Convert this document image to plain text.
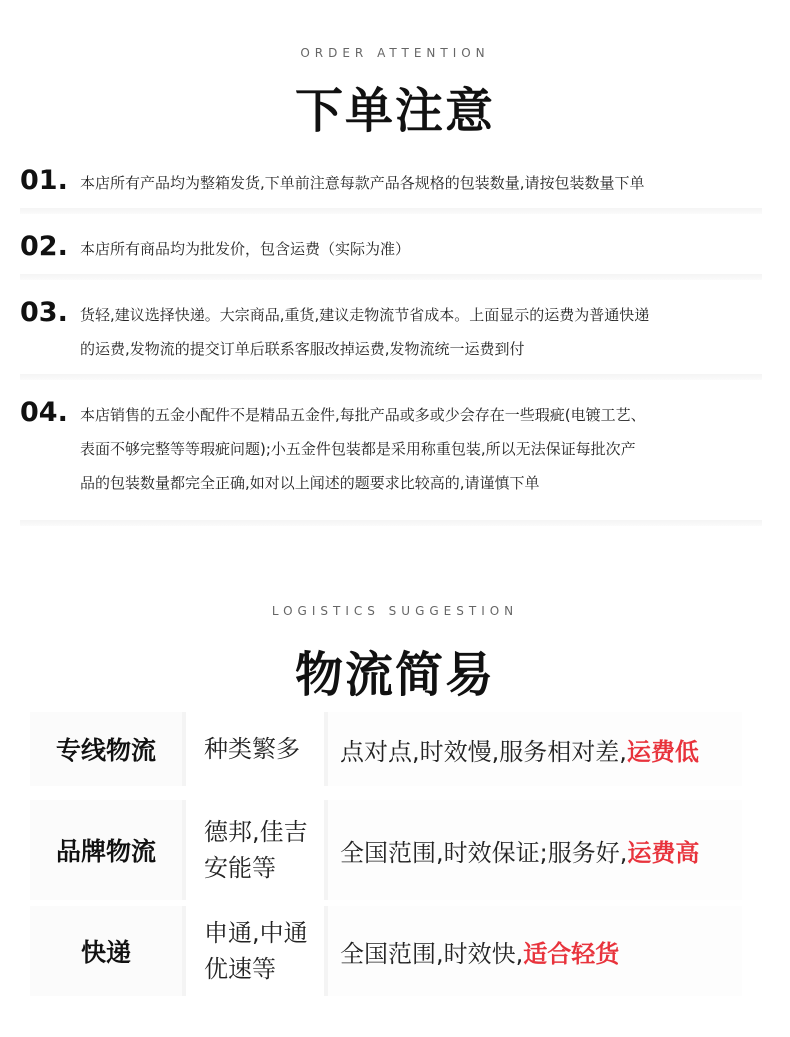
ORDER ATTENTION
下单注意
01. 本店所有产品均为整箱发货,下单前注意每款产品各规格的包装数量,请按包装数量下单
02. 本店所有商品均为批发价，包含运费（实际为准）
03. 货轻,建议选择快递。大宗商品,重货,建议走物流节省成本。上面显示的运费为普通快递
的运费,发物流的提交订单后联系客服改掉运费,发物流统一运费到付
04. 本店销售的五金小配件不是精品五金件,每批产品或多或少会存在一些瑕疵(电镀工艺、
表面不够完整等等瑕疵问题);小五金件包装都是采用称重包装,所以无法保证每批次产
品的包装数量都完全正确,如对以上闻述的题要求比较高的,请谨慎下单
LOGISTICS SUGGESTION
物流简易
专线物流	种类繁多 点对点,时效慢,服务相对差, 运费低
品牌物流
德邦,佳吉
安能等
全国范围,时效保证;服务好, 运费高
快递
申通,中通
优速等
全国范围,时效快, 适合轻货
